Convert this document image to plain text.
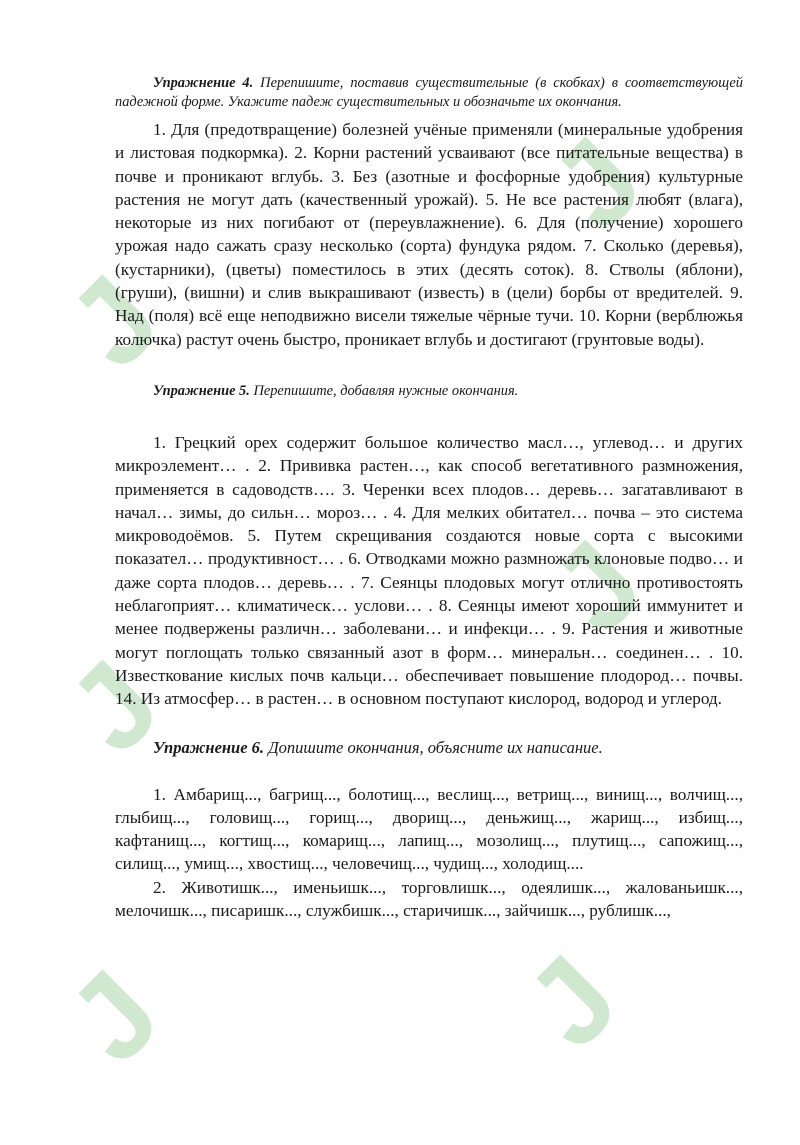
J
J
J
J
J	J

Упражнение 4. Перепишите, поставив существительные (в скобках) в соответствующей падежной форме. Укажите падеж существительных и обозначьте их окончания.

1. Для (предотвращение) болезней учёные применяли (минеральные удобрения и листовая подкормка). 2. Корни растений усваивают (все питательные вещества) в почве и проникают вглубь. 3. Без (азотные и фосфорные удобрения) культурные растения не могут дать (качественный урожай). 5. Не все растения любят (влага), некоторые из них погибают от (переувлажнение). 6. Для (получение) хорошего урожая надо сажать сразу несколько (сорта) фундука рядом. 7. Сколько (деревья), (кустарники), (цветы) поместилось в этих (десять соток). 8. Стволы (яблони), (груши), (вишни) и слив выкрашивают (известь) в (цели) борбы от вредителей. 9. Над (поля) всё еще неподвижно висели тяжелые чёрные тучи. 10. Корни (верблюжья колючка) растут очень быстро, проникает вглубь и достигают (грунтовые воды).

Упражнение 5. Перепишите, добавляя нужные окончания.

1. Грецкий орех содержит большое количество масл…, углевод… и других микроэлемент… . 2. Прививка растен…, как способ вегетативного размножения, применяется в садоводств…. 3. Черенки всех плодов… деревь… загатавливают в начал… зимы, до сильн… мороз… . 4. Для мелких обитател… почва – это система микроводоёмов. 5. Путем скрещивания создаются новые сорта с высокими показател… продуктивност… . 6. Отводками можно размножать клоновые подво… и даже сорта плодов… деревь… . 7. Сеянцы плодовых могут отлично противостоять неблагоприят… климатическ… услови… . 8. Сеянцы имеют хороший иммунитет и менее подвержены различн… заболевани… и инфекци… . 9. Растения и животные могут поглощать только связанный азот в форм… минеральн… соединен… . 10. Известкование кислых почв кальци… обеспечивает повышение плодород… почвы. 14. Из атмосфер… в растен… в основном поступают кислород, водород и углерод.

Упражнение 6. Допишите окончания, объясните их написание.

1. Амбарищ..., багрищ..., болотищ..., веслищ..., ветрищ..., винищ..., волчищ..., глыбищ..., головищ..., горищ..., дворищ..., деньжищ..., жарищ..., избищ..., кафтанищ..., когтищ..., комарищ..., лапищ..., мозолищ..., плутищ..., сапожищ..., силищ..., умищ..., хвостищ..., человечищ..., чудищ..., холодищ....

2. Животишк..., именьишк..., торговлишк..., одеялишк..., жалованьишк..., мелочишк..., писаришк..., службишк..., старичишк..., зайчишк..., рублишк...,
